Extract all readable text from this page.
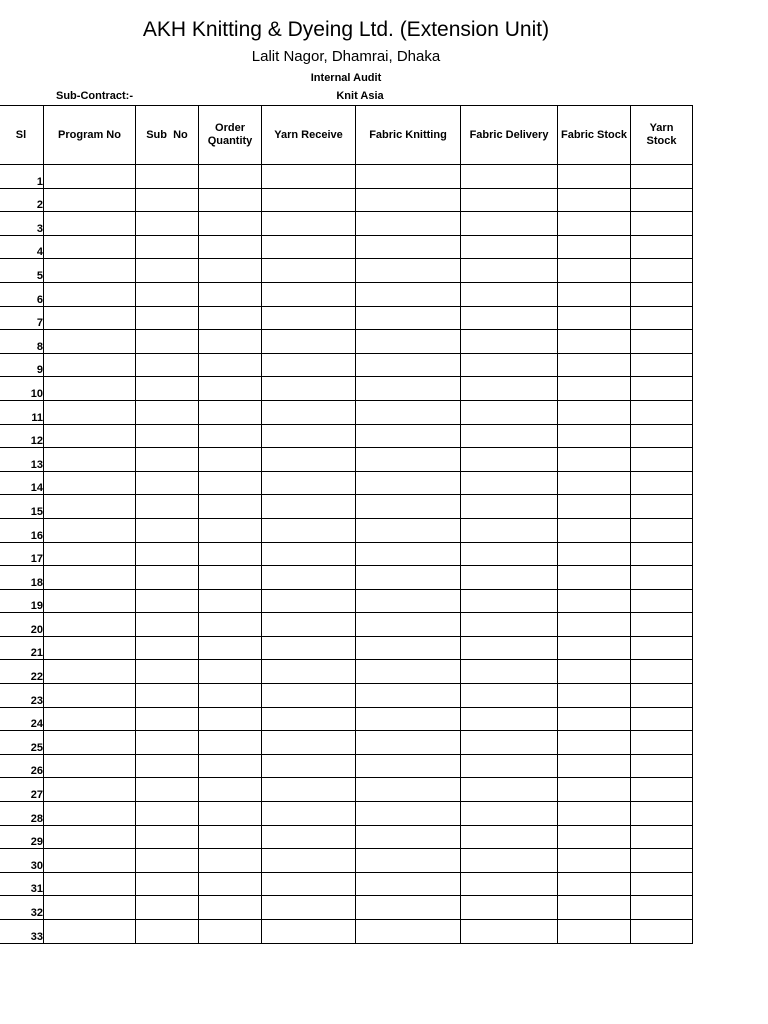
AKH Knitting & Dyeing Ltd. (Extension Unit)
Lalit Nagor, Dhamrai, Dhaka
Internal Audit
Sub-Contract:-	Knit Asia
Sl	Program No	Sub  No	Order Quantity	Yarn Receive	Fabric Knitting	Fabric Delivery	Fabric Stock	Yarn Stock
1								
2								
3								
4								
5								
6								
7								
8								
9								
10								
11								
12								
13								
14								
15								
16								
17								
18								
19								
20								
21								
22								
23								
24								
25								
26								
27								
28								
29								
30								
31								
32								
33								
